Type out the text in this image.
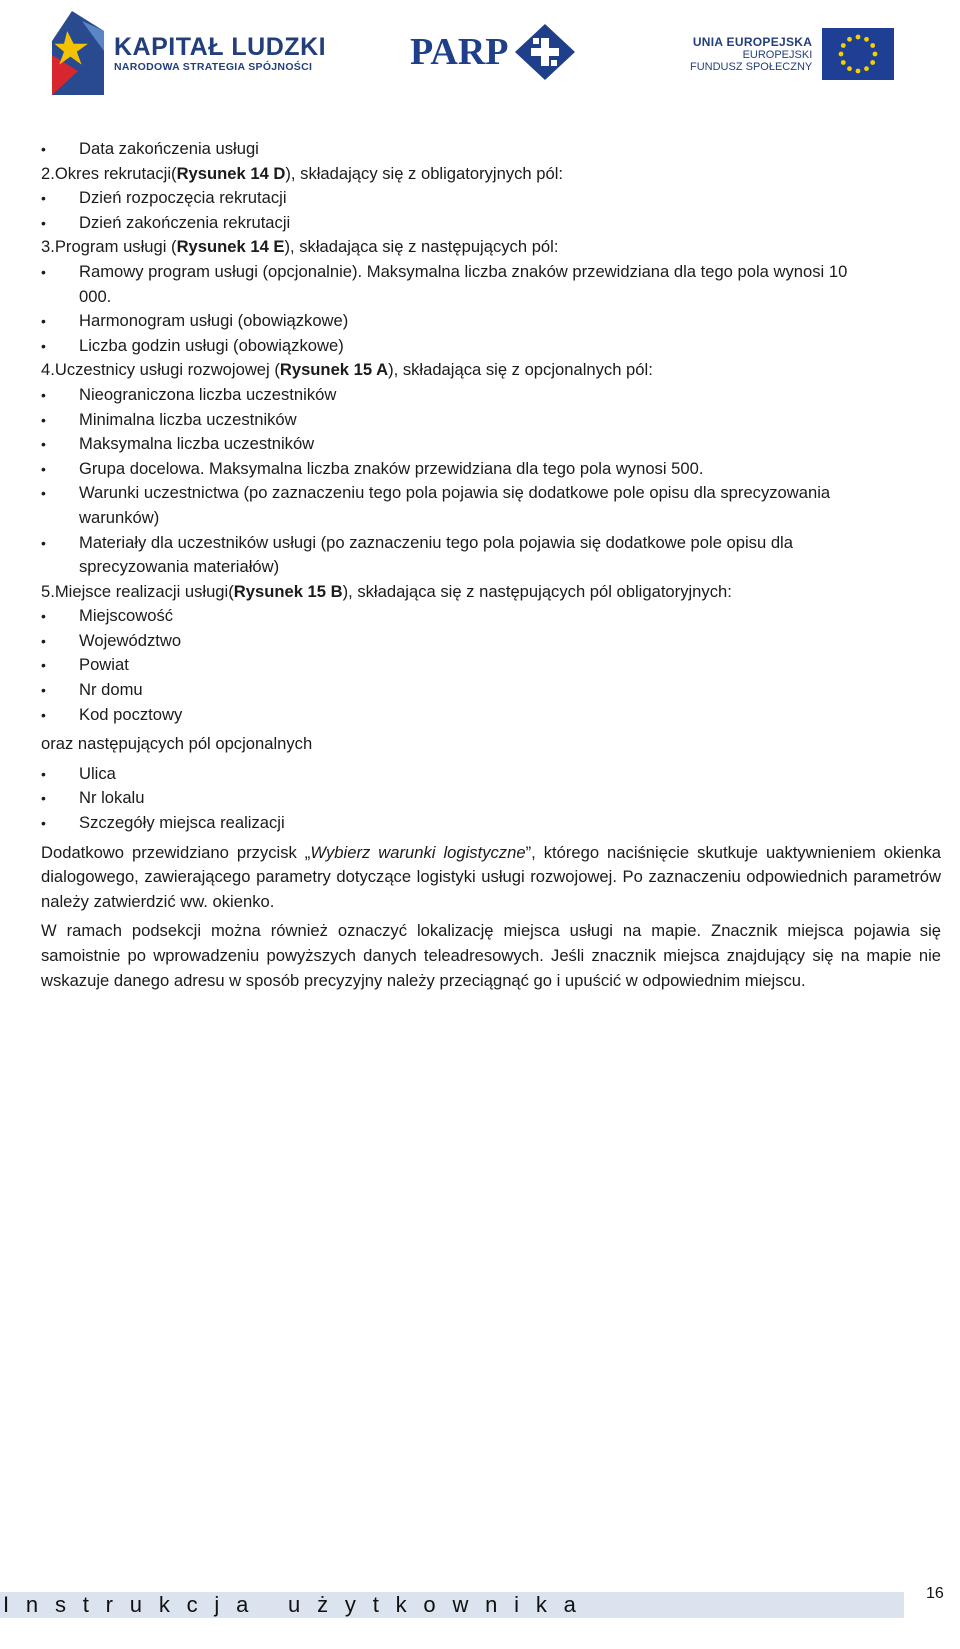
KAPITAŁ LUDZKI
NARODOWA STRATEGIA SPÓJNOŚCI	PARP	UNIA EUROPEJSKA
EUROPEJSKI
FUNDUSZ SPOŁECZNY
• Data zakończenia usługi
2.Okres rekrutacji(Rysunek 14 D), składający się z obligatoryjnych pól:
• Dzień rozpoczęcia rekrutacji
• Dzień zakończenia rekrutacji
3.Program usługi (Rysunek 14 E), składająca się z następujących pól:
• Ramowy program usługi (opcjonalnie). Maksymalna liczba znaków przewidziana dla tego pola wynosi 10
000.
• Harmonogram usługi (obowiązkowe)
• Liczba godzin usługi (obowiązkowe)
4.Uczestnicy usługi rozwojowej (Rysunek 15 A), składająca się z opcjonalnych pól:
• Nieograniczona liczba uczestników
• Minimalna liczba uczestników
• Maksymalna liczba uczestników
• Grupa docelowa. Maksymalna liczba znaków przewidziana dla tego pola wynosi 500.
• Warunki uczestnictwa (po zaznaczeniu tego pola pojawia się dodatkowe pole opisu dla sprecyzowania
warunków)
• Materiały dla uczestników usługi (po zaznaczeniu tego pola pojawia się dodatkowe pole opisu dla
sprecyzowania materiałów)
5.Miejsce realizacji usługi(Rysunek 15 B), składająca się z następujących pól obligatoryjnych:
• Miejscowość
• Województwo
• Powiat
• Nr domu
• Kod pocztowy
oraz następujących pól opcjonalnych
• Ulica
• Nr lokalu
• Szczegóły miejsca realizacji
Dodatkowo przewidziano przycisk „Wybierz warunki logistyczne”, którego naciśnięcie skutkuje uaktywnieniem okienka dialogowego, zawierającego parametry dotyczące logistyki usługi rozwojowej. Po zaznaczeniu odpowiednich parametrów należy zatwierdzić ww. okienko.
W ramach podsekcji można również oznaczyć lokalizację miejsca usługi na mapie. Znacznik miejsca pojawia się samoistnie po wprowadzeniu powyższych danych teleadresowych. Jeśli znacznik miejsca znajdujący się na mapie nie wskazuje danego adresu w sposób precyzyjny należy przeciągnąć go i upuścić w odpowiednim miejscu.
Instrukcja użytkownika	16
